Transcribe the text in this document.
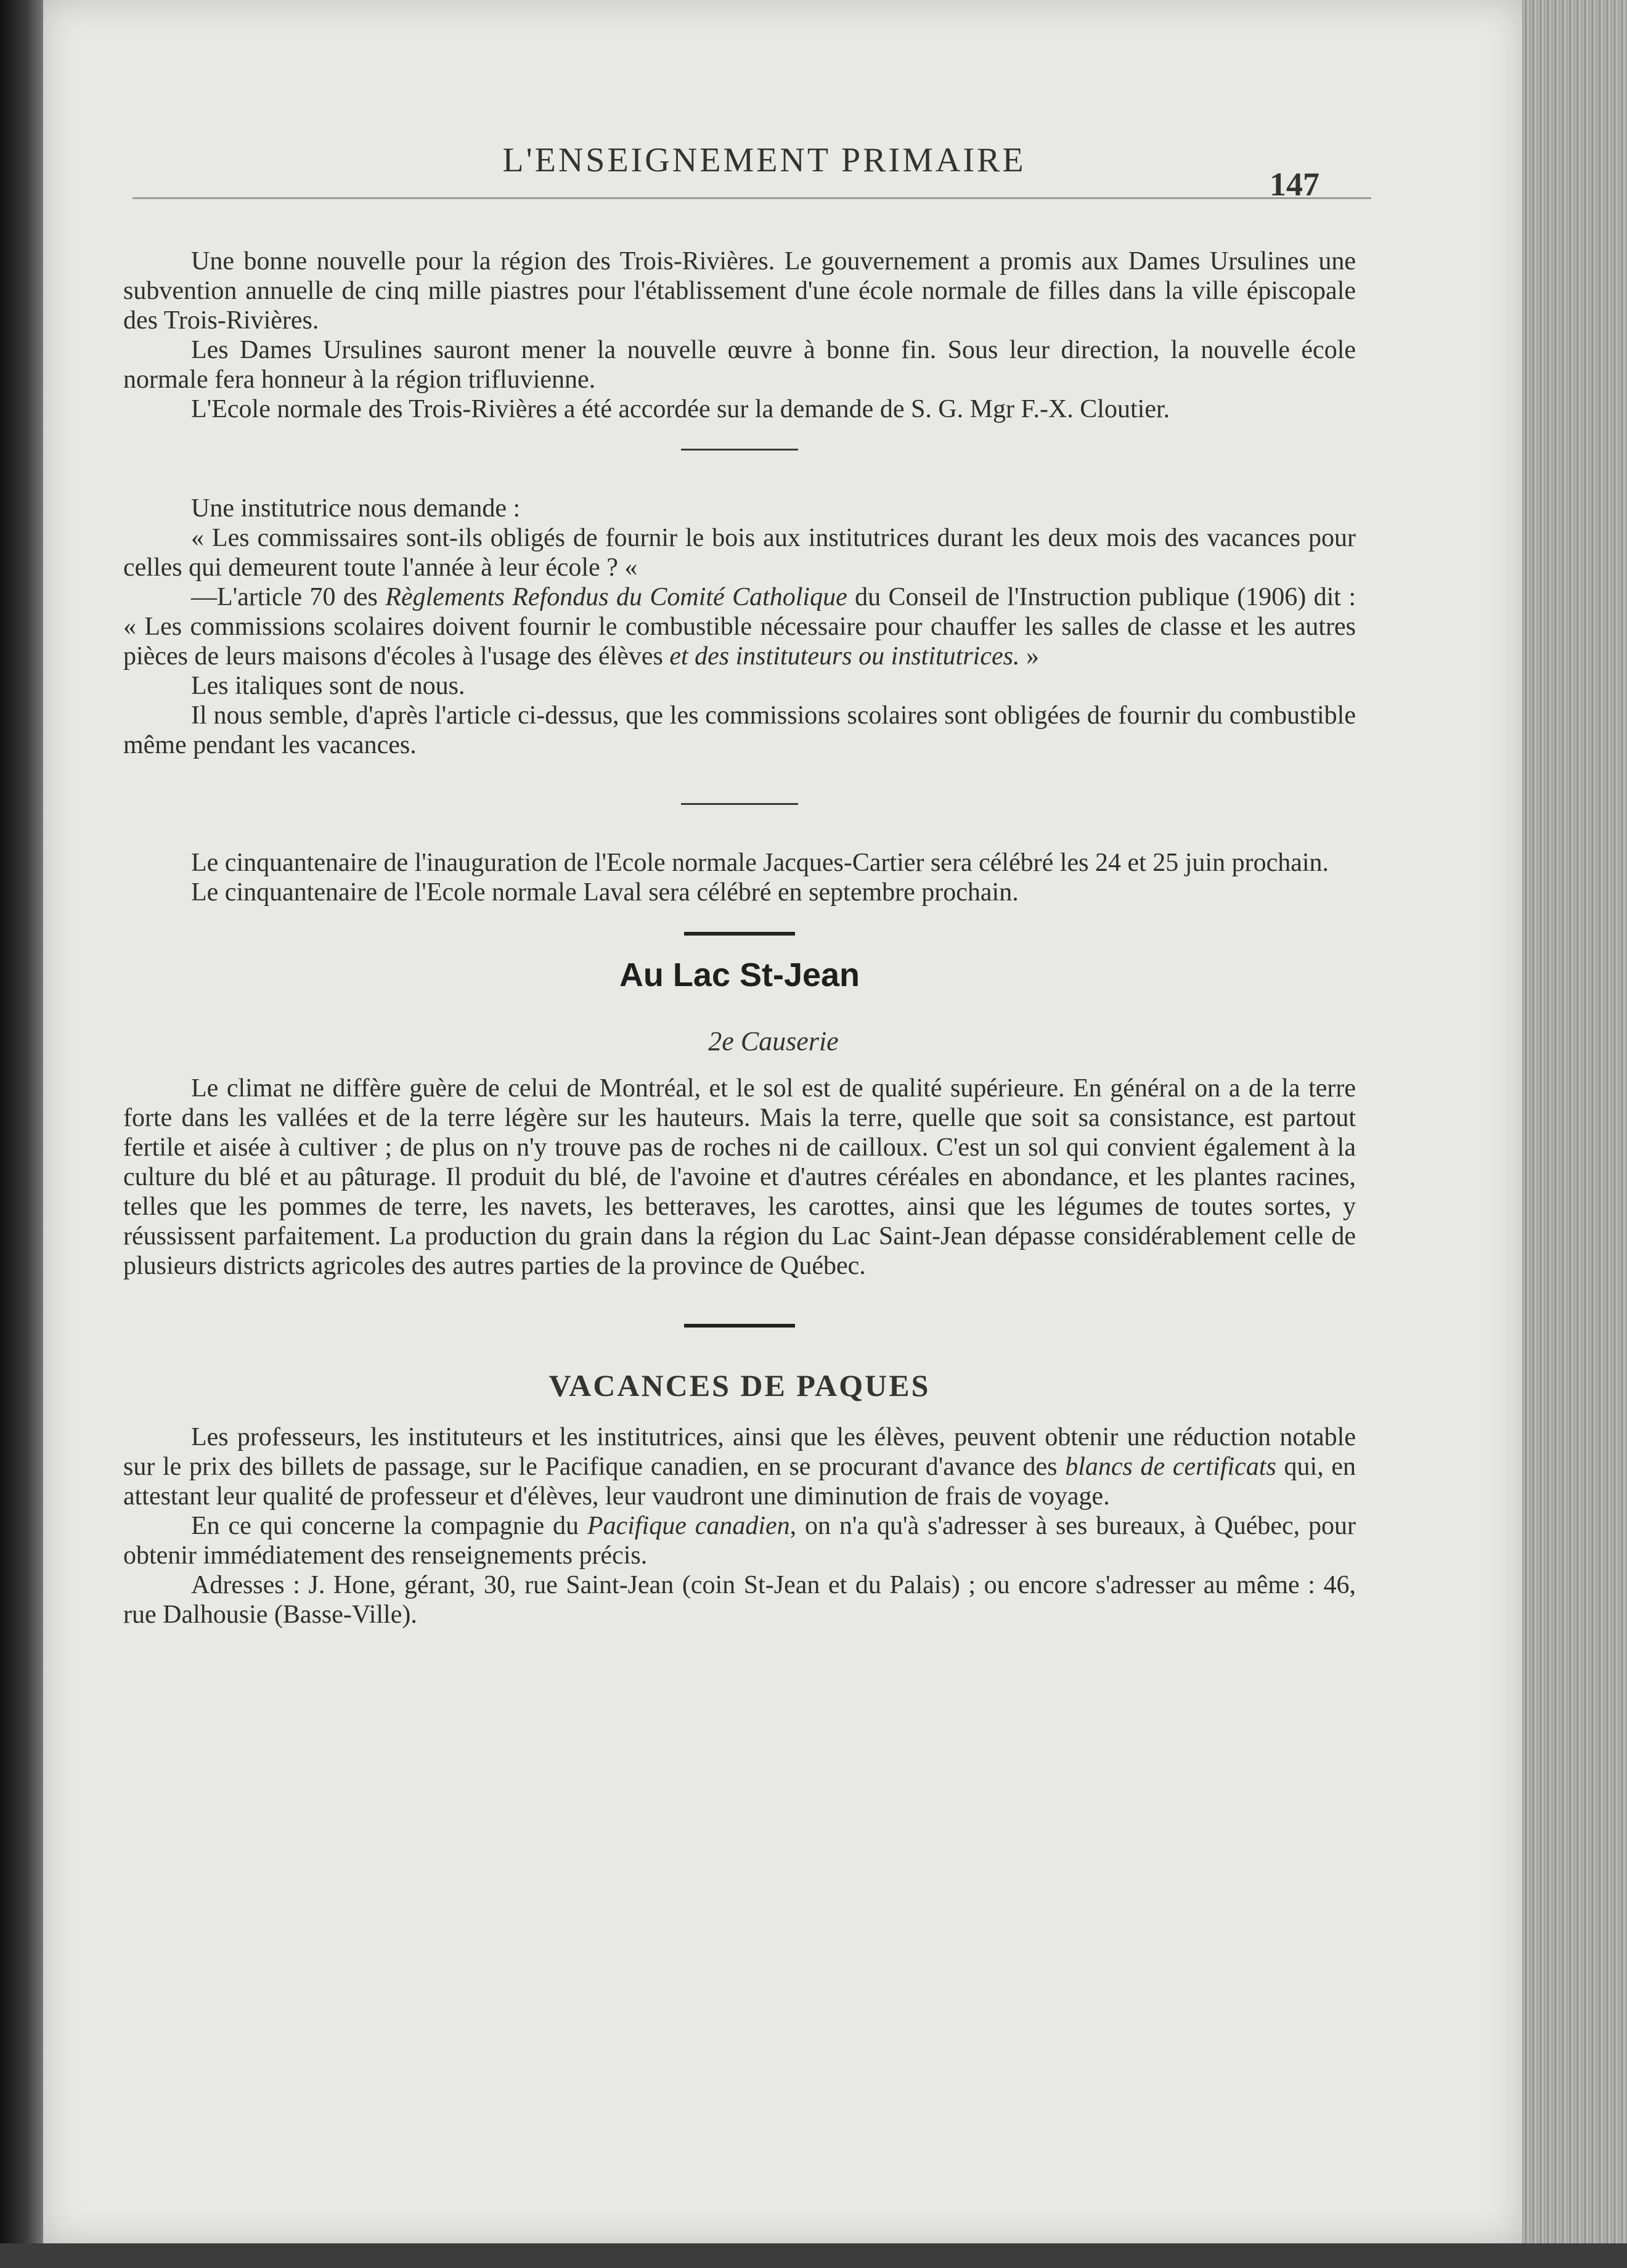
L'ENSEIGNEMENT PRIMAIRE
147

Une bonne nouvelle pour la région des Trois-Rivières. Le gouvernement a promis aux Dames Ursulines une subvention annuelle de cinq mille piastres pour l'établissement d'une école normale de filles dans la ville épiscopale des Trois-Rivières.

Les Dames Ursulines sauront mener la nouvelle œuvre à bonne fin. Sous leur direction, la nouvelle école normale fera honneur à la région trifluvienne.

L'Ecole normale des Trois-Rivières a été accordée sur la demande de S. G. Mgr F.-X. Cloutier.

Une institutrice nous demande :

« Les commissaires sont-ils obligés de fournir le bois aux institutrices durant les deux mois des vacances pour celles qui demeurent toute l'année à leur école ? «

—L'article 70 des Règlements Refondus du Comité Catholique du Conseil de l'Instruction publique (1906) dit : « Les commissions scolaires doivent fournir le combustible nécessaire pour chauffer les salles de classe et les autres pièces de leurs maisons d'écoles à l'usage des élèves et des instituteurs ou institutrices. »

Les italiques sont de nous.

Il nous semble, d'après l'article ci-dessus, que les commissions scolaires sont obligées de fournir du combustible même pendant les vacances.

Le cinquantenaire de l'inauguration de l'Ecole normale Jacques-Cartier sera célébré les 24 et 25 juin prochain.

Le cinquantenaire de l'Ecole normale Laval sera célébré en septembre prochain.

Au Lac St-Jean

2e Causerie

Le climat ne diffère guère de celui de Montréal, et le sol est de qualité supérieure. En général on a de la terre forte dans les vallées et de la terre légère sur les hauteurs. Mais la terre, quelle que soit sa consistance, est partout fertile et aisée à cultiver ; de plus on n'y trouve pas de roches ni de cailloux. C'est un sol qui convient également à la culture du blé et au pâturage. Il produit du blé, de l'avoine et d'autres céréales en abondance, et les plantes racines, telles que les pommes de terre, les navets, les betteraves, les carottes, ainsi que les légumes de toutes sortes, y réussissent parfaitement. La production du grain dans la région du Lac Saint-Jean dépasse considérablement celle de plusieurs districts agricoles des autres parties de la province de Québec.

VACANCES DE PAQUES

Les professeurs, les instituteurs et les institutrices, ainsi que les élèves, peuvent obtenir une réduction notable sur le prix des billets de passage, sur le Pacifique canadien, en se procurant d'avance des blancs de certificats qui, en attestant leur qualité de professeur et d'élèves, leur vaudront une diminution de frais de voyage.

En ce qui concerne la compagnie du Pacifique canadien, on n'a qu'à s'adresser à ses bureaux, à Québec, pour obtenir immédiatement des renseignements précis.

Adresses : J. Hone, gérant, 30, rue Saint-Jean (coin St-Jean et du Palais) ; ou encore s'adresser au même : 46, rue Dalhousie (Basse-Ville).
